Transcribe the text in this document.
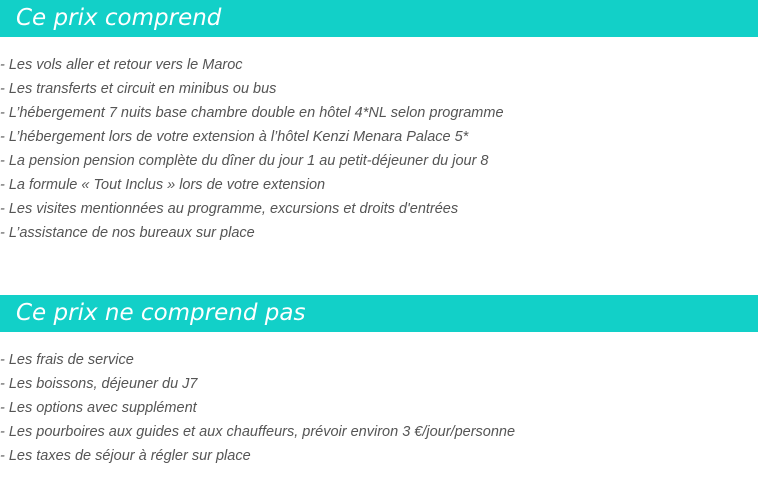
Ce prix comprend
- Les vols aller et retour vers le Maroc
- Les transferts et circuit en minibus ou bus
- L’hébergement 7 nuits base chambre double en hôtel 4*NL selon programme
- L’hébergement lors de votre extension à l’hôtel Kenzi Menara Palace 5*
- La pension pension complète du dîner du jour 1 au petit-déjeuner du jour 8
- La formule « Tout Inclus » lors de votre extension
- Les visites mentionnées au programme, excursions et droits d'entrées
- L’assistance de nos bureaux sur place
Ce prix ne comprend pas
- Les frais de service
- Les boissons, déjeuner du J7
- Les options avec supplément
- Les pourboires aux guides et aux chauffeurs, prévoir environ 3 €/jour/personne
- Les taxes de séjour à régler sur place
